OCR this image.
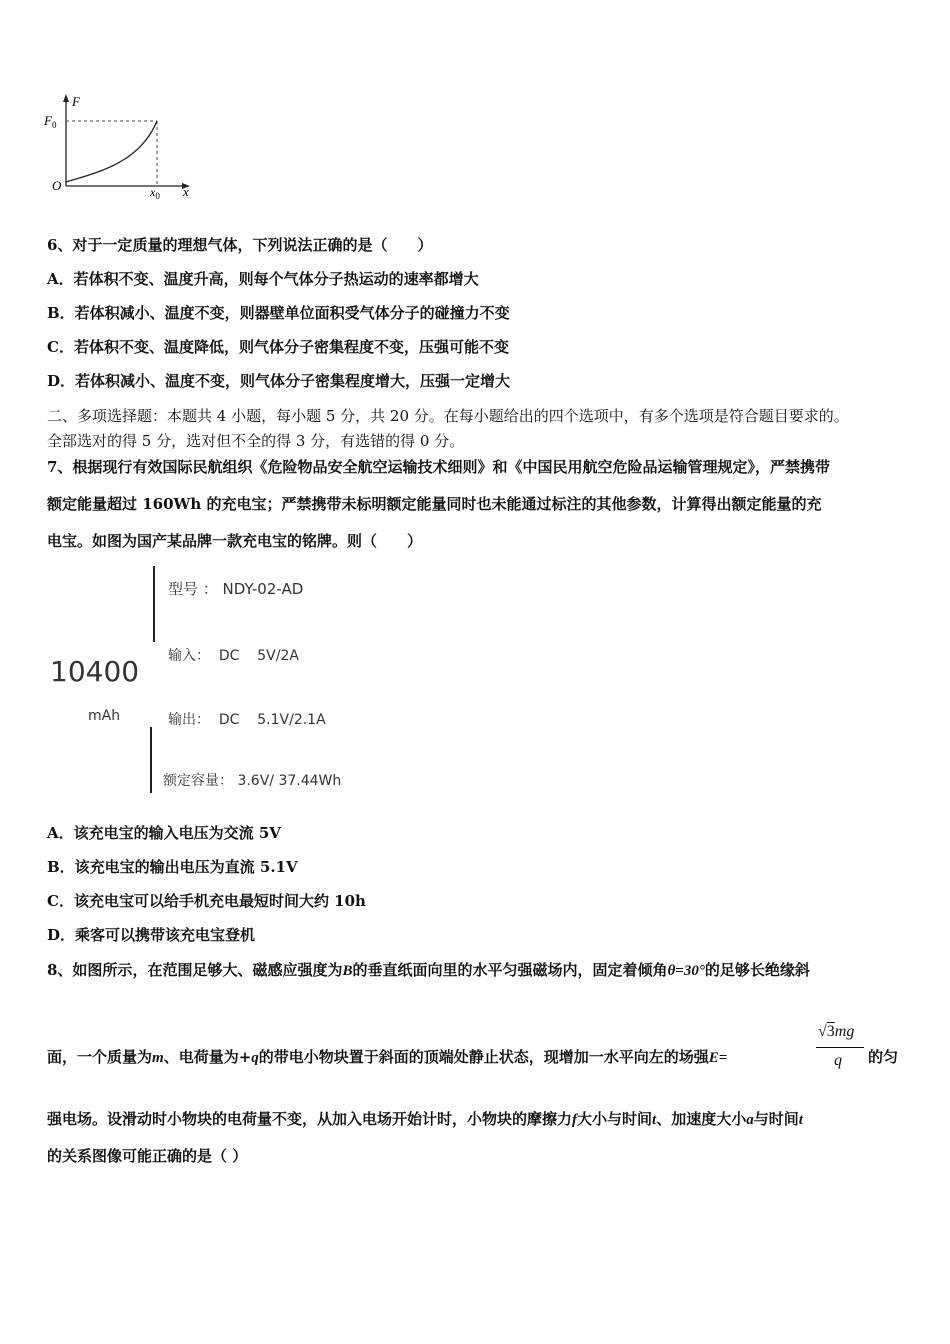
F
$F_0$
O	$x_0$ x
6、对于一定质量的理想气体，下列说法正确的是（　　）
A．若体积不变、温度升高，则每个气体分子热运动的速率都增大
B．若体积减小、温度不变，则器壁单位面积受气体分子的碰撞力不变
C．若体积不变、温度降低，则气体分子密集程度不变，压强可能不变
D．若体积减小、温度不变，则气体分子密集程度增大，压强一定增大
二、多项选择题：本题共 4 小题，每小题 5 分，共 20 分。在每小题给出的四个选项中，有多个选项是符合题目要求的。
全部选对的得 5 分，选对但不全的得 3 分，有选错的得 0 分。
7、根据现行有效国际民航组织《危险物品安全航空运输技术细则》和《中国民用航空危险品运输管理规定》，严禁携带
额定能量超过 160Wh 的充电宝；严禁携带未标明额定能量同时也未能通过标注的其他参数，计算得出额定能量的充
电宝。如图为国产某品牌一款充电宝的铭牌。则（　　）
10400
mAh
型号 ： NDY-02-AD
输入：  DC    5V/2A
输出：  DC    5.1V/2.1A
额定容量： 3.6V/ 37.44Wh
A．该充电宝的输入电压为交流 5V
B．该充电宝的输出电压为直流 5.1V
C．该充电宝可以给手机充电最短时间大约 10h
D．乘客可以携带该充电宝登机
8、如图所示，在范围足够大、磁感应强度为B的垂直纸面向里的水平匀强磁场内，固定着倾角θ=30°的足够长绝缘斜
面，一个质量为m、电荷量为+q的带电小物块置于斜面的顶端处静止状态，现增加一水平向左的场强E=
√3mg
q 的匀
强电场。设滑动时小物块的电荷量不变，从加入电场开始计时，小物块的摩擦力f大小与时间t、加速度大小a与时间t
的关系图像可能正确的是（ ）
